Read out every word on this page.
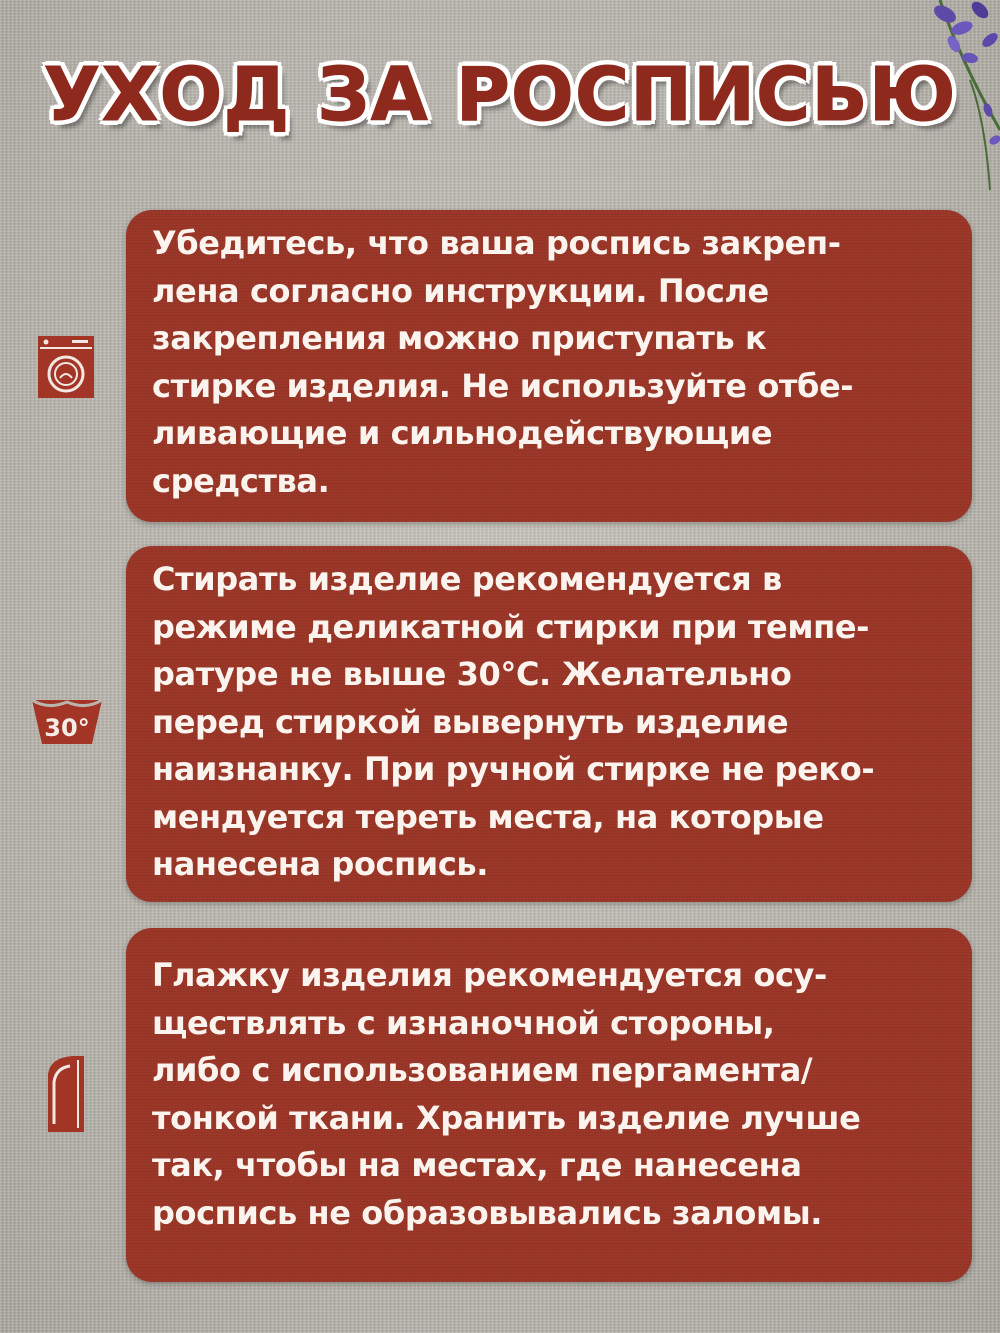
УХОД ЗА РОСПИСЬЮ
30°

Убедитесь, что ваша роспись закреп-
лена согласно инструкции. После
закрепления можно приступать к
стирке изделия. Не используйте отбе-
ливающие и сильнодействующие
средства.

Стирать изделие рекомендуется в
режиме деликатной стирки при темпе-
ратуре не выше 30°С. Желательно
перед стиркой вывернуть изделие
наизнанку. При ручной стирке не реко-
мендуется тереть места, на которые
нанесена роспись.

Глажку изделия рекомендуется осу-
ществлять с изнаночной стороны,
либо с использованием пергамента/
тонкой ткани. Хранить изделие лучше
так, чтобы на местах, где нанесена
роспись не образовывались заломы.
